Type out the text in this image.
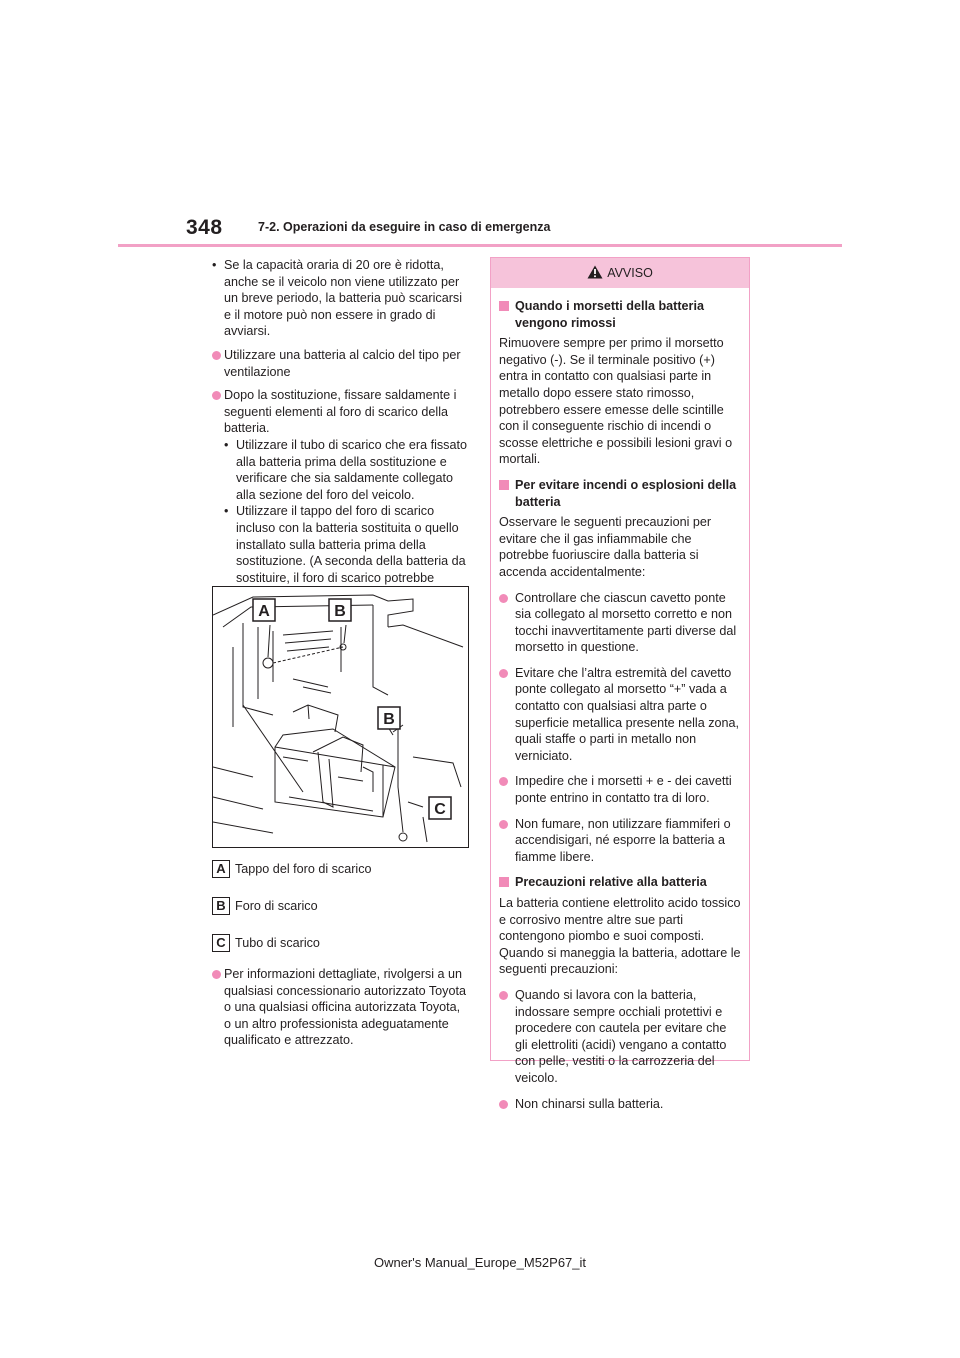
348	7-2. Operazioni da eseguire in caso di emergenza
• Se la capacità oraria di 20 ore è ridotta, anche se il veicolo non viene utilizzato per un breve periodo, la batteria può scaricarsi e il motore può non essere in grado di avviarsi.
Utilizzare una batteria al calcio del tipo per ventilazione
Dopo la sostituzione, fissare saldamente i seguenti elementi al foro di scarico della batteria.
• Utilizzare il tubo di scarico che era fissato alla batteria prima della sostituzione e verificare che sia saldamente collegato alla sezione del foro del veicolo.
• Utilizzare il tappo del foro di scarico incluso con la batteria sostituita o quello installato sulla batteria prima della sostituzione. (A seconda della batteria da sostituire, il foro di scarico potrebbe
A	B
B
C
A Tappo del foro di scarico
B Foro di scarico
C Tubo di scarico
Per informazioni dettagliate, rivolgersi a un qualsiasi concessionario autorizzato Toyota o una qualsiasi officina autorizzata Toyota, o un altro professionista adeguatamente qualificato e attrezzato.
AVVISO
Quando i morsetti della batteria vengono rimossi
Rimuovere sempre per primo il morsetto negativo (-). Se il terminale positivo (+) entra in contatto con qualsiasi parte in metallo dopo essere stato rimosso, potrebbero essere emesse delle scintille con il conseguente rischio di incendi o scosse elettriche e possibili lesioni gravi o mortali.
Per evitare incendi o esplosioni della batteria
Osservare le seguenti precauzioni per evitare che il gas infiammabile che potrebbe fuoriuscire dalla batteria si accenda accidentalmente:
Controllare che ciascun cavetto ponte sia collegato al morsetto corretto e non tocchi inavvertitamente parti diverse dal morsetto in questione.
Evitare che l’altra estremità del cavetto ponte collegato al morsetto “+” vada a contatto con qualsiasi altra parte o superficie metallica presente nella zona, quali staffe o parti in metallo non verniciato.
Impedire che i morsetti + e - dei cavetti ponte entrino in contatto tra di loro.
Non fumare, non utilizzare fiammiferi o accendisigari, né esporre la batteria a fiamme libere.
Precauzioni relative alla batteria
La batteria contiene elettrolito acido tossico e corrosivo mentre altre sue parti contengono piombo e suoi composti. Quando si maneggia la batteria, adottare le seguenti precauzioni:
Quando si lavora con la batteria, indossare sempre occhiali protettivi e procedere con cautela per evitare che gli elettroliti (acidi) vengano a contatto con pelle, vestiti o la carrozzeria del veicolo.
Non chinarsi sulla batteria.
Owner's Manual_Europe_M52P67_it
